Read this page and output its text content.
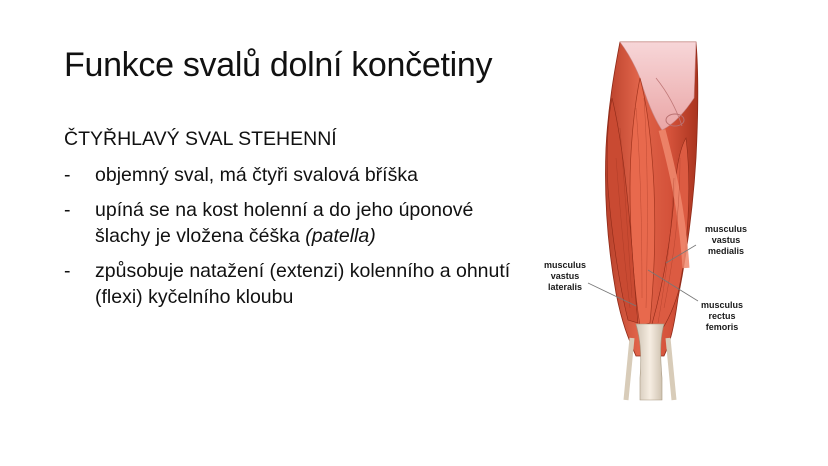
Funkce svalů dolní končetiny
ČTYŘHLAVÝ SVAL STEHENNÍ
- objemný sval, má čtyři svalová bříška
- upíná se na kost holenní a do jeho úponové šlachy je vložena čéška (patella)
- způsobuje natažení (extenzi) kolenního a ohnutí (flexi) kyčelního kloubu
musculus
vastus
medialis
musculus
vastus
lateralis
musculus
rectus
femoris
